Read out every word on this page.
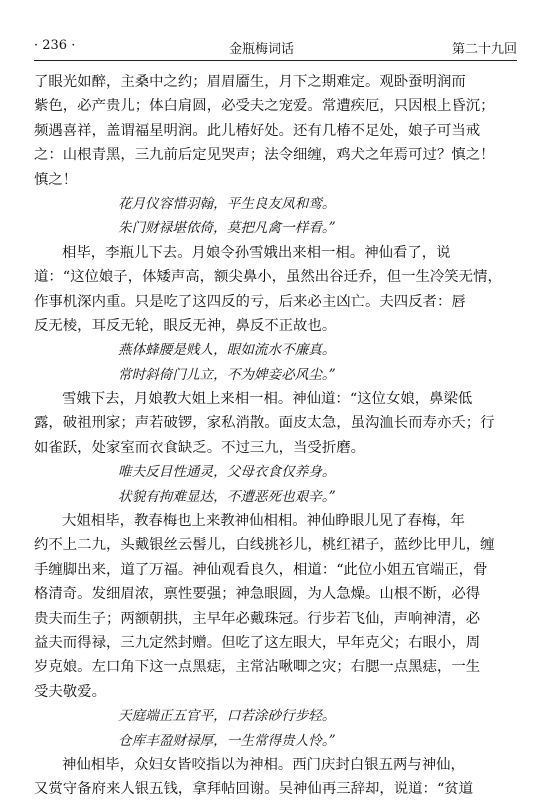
· 236 ·	金瓶梅词话	第二十九回
了眼光如醉，主桑中之约；眉眉靥生，月下之期难定。观卧蚕明润而
紫色，必产贵儿；体白肩圆，必受夫之宠爱。常遭疾厄，只因根上昏沉；
频遇喜祥，盖谓福星明润。此儿椿好处。还有几椿不足处，娘子可当戒
之：山根青黑，三九前后定见哭声；法令细缠，鸡犬之年焉可过？慎之！
慎之！
花月仪容惜羽翰，平生良友凤和鸾。
朱门财禄堪依倚，莫把凡禽一样看。”
相毕，李瓶儿下去。月娘令孙雪娥出来相一相。神仙看了，说
道：“这位娘子，体矮声高，额尖鼻小，虽然出谷迁乔，但一生冷笑无情，
作事机深内重。只是吃了这四反的亏，后来必主凶亡。夫四反者：唇
反无棱，耳反无轮，眼反无神，鼻反不正故也。
燕体蜂腰是贱人，眼如流水不廉真。
常时斜倚门儿立，不为婢妾必风尘。”
雪娥下去，月娘教大姐上来相一相。神仙道：“这位女娘，鼻梁低
露，破祖刑家；声若破锣，家私消散。面皮太急，虽沟洫长而寿亦夭；行
如雀跃，处家室而衣食缺乏。不过三九，当受折磨。
唯夫反目性通灵，父母衣食仅养身。
状貌有拘难显达，不遭恶死也艰辛。”
大姐相毕，教春梅也上来教神仙相相。神仙睁眼儿见了春梅，年
约不上二九，头戴银丝云髻儿，白线挑衫儿，桃红裙子，蓝纱比甲儿，缠
手缠脚出来，道了万福。神仙观看良久，相道：“此位小姐五官端正，骨
格清奇。发细眉浓，禀性要强；神急眼圆，为人急燥。山根不断，必得
贵夫而生子；两额朝拱，主早年必戴珠冠。行步若飞仙，声响神清，必
益夫而得禄，三九定然封赠。但吃了这左眼大，早年克父；右眼小，周
岁克娘。左口角下这一点黑痣，主常沾啾唧之灾；右腮一点黑痣，一生
受夫敬爱。
天庭端正五官平，口若涂砂行步轻。
仓库丰盈财禄厚，一生常得贵人怜。”
神仙相毕，众妇女皆咬指以为神相。西门庆封白银五两与神仙，
又赏守备府来人银五钱，拿拜帖回谢。吴神仙再三辞却，说道：“贫道
